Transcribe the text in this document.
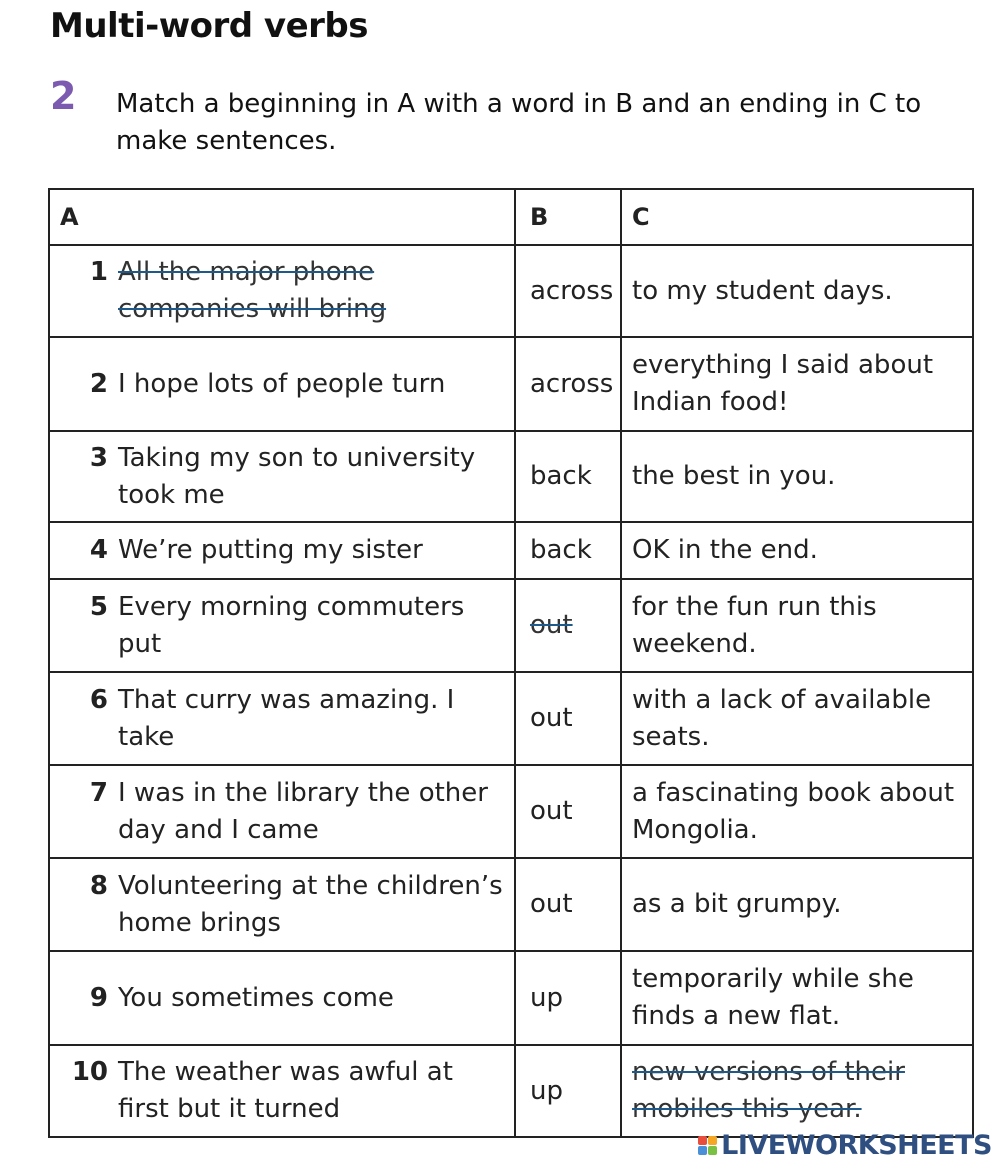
Multi-word verbs
2 Match a beginning in A with a word in B and an ending in C to make sentences.

A	B	C

1 All the major phone companies will bring	across	to my student days.

2 I hope lots of people turn	across	everything I said about Indian food!

3 Taking my son to university took me	back	the best in you.

4 We’re putting my sister	back	OK in the end.

5 Every morning commuters put	out	for the fun run this weekend.

6 That curry was amazing. I take	out	with a lack of available seats.

7 I was in the library the other day and I came	out	a fascinating book about Mongolia.

8 Volunteering at the children’s home brings	out	as a bit grumpy.

9 You sometimes come	up	temporarily while she finds a new flat.

10 The weather was awful at first but it turned	up	new versions of their mobiles this year.
LIVEWORKSHEETS
